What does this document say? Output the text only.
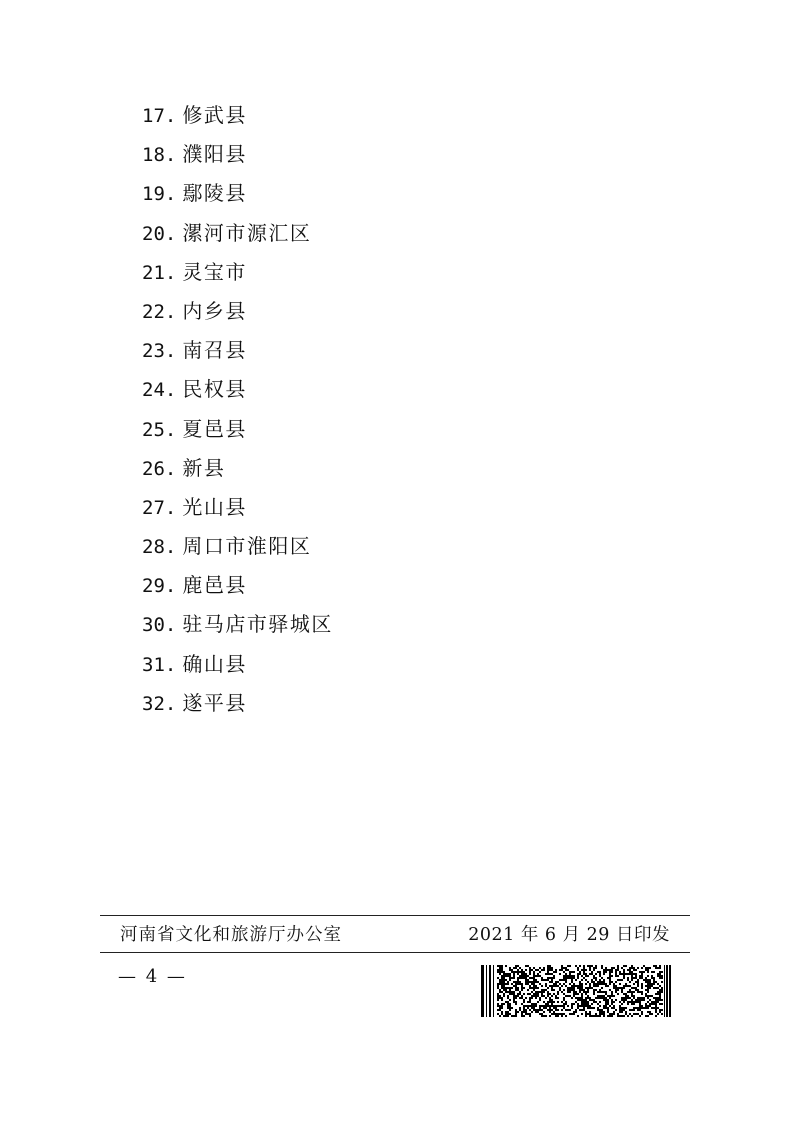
17. 修武县
18. 濮阳县
19. 鄢陵县
20. 漯河市源汇区
21. 灵宝市
22. 内乡县
23. 南召县
24. 民权县
25. 夏邑县
26. 新县
27. 光山县
28. 周口市淮阳区
29. 鹿邑县
30. 驻马店市驿城区
31. 确山县
32. 遂平县
河南省文化和旅游厅办公室	2021 年 6 月 29 日印发
— 4 —
